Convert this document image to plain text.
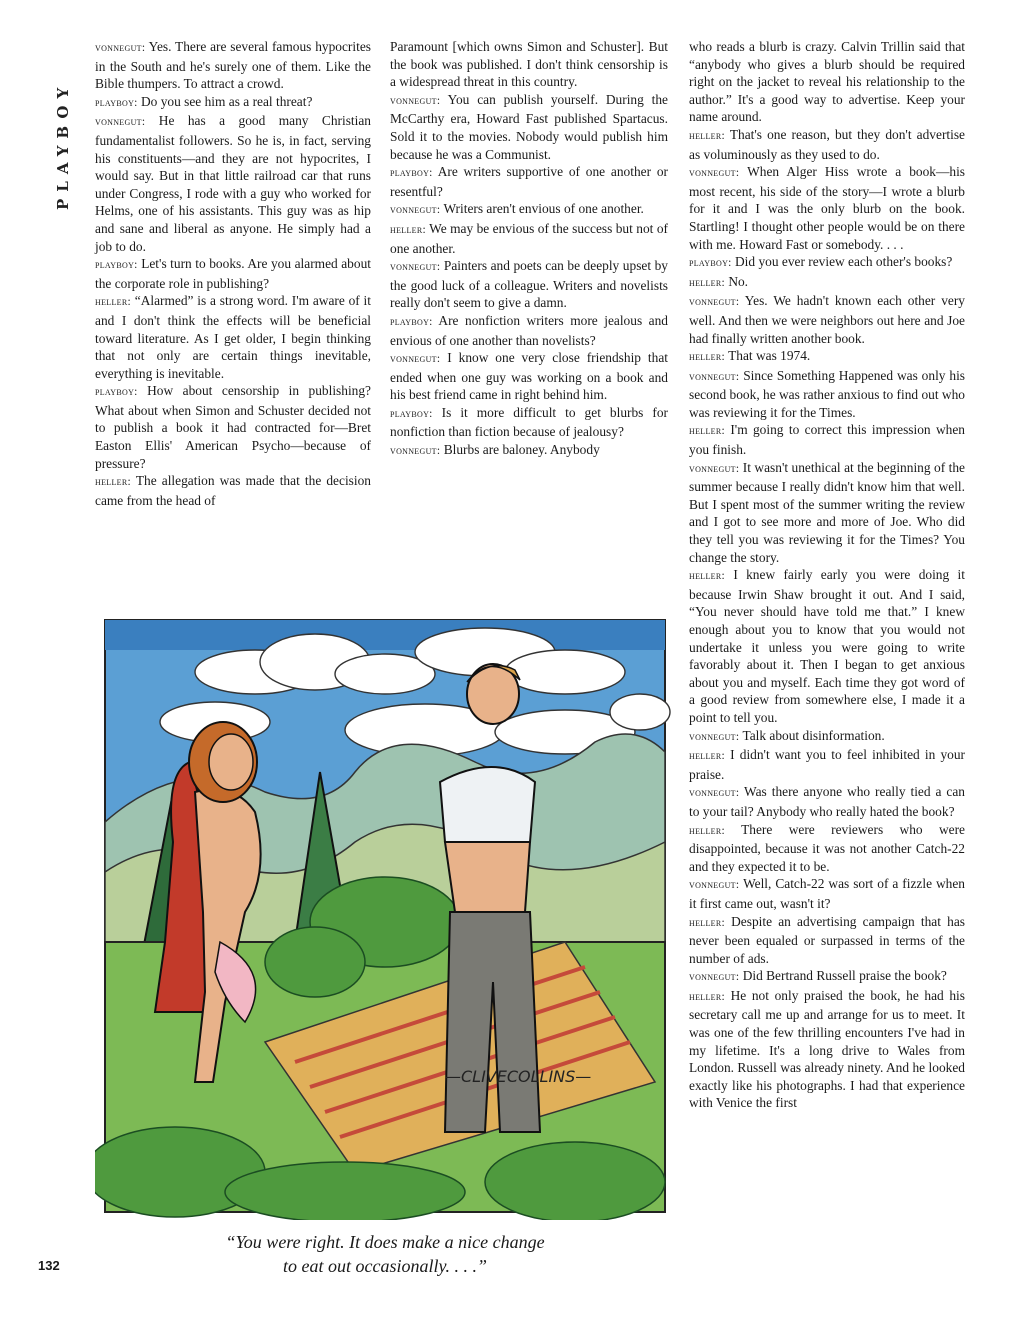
PLAYBOY

vonnegut: Yes. There are several famous hypocrites in the South and he's surely one of them. Like the Bible thumpers. To attract a crowd.

playboy: Do you see him as a real threat?

vonnegut: He has a good many Christian fundamentalist followers. So he is, in fact, serving his constituents—and they are not hypocrites, I would say. But in that little railroad car that runs under Congress, I rode with a guy who worked for Helms, one of his assistants. This guy was as hip and sane and liberal as anyone. He simply had a job to do.

playboy: Let's turn to books. Are you alarmed about the corporate role in publishing?

heller: “Alarmed” is a strong word. I'm aware of it and I don't think the effects will be beneficial toward literature. As I get older, I begin thinking that not only are certain things inevitable, everything is inevitable.

playboy: How about censorship in publishing? What about when Simon and Schuster decided not to publish a book it had contracted for—Bret Easton Ellis' American Psycho—because of pressure?

heller: The allegation was made that the decision came from the head of

Paramount [which owns Simon and Schuster]. But the book was published. I don't think censorship is a widespread threat in this country.

vonnegut: You can publish yourself. During the McCarthy era, Howard Fast published Spartacus. Sold it to the movies. Nobody would publish him because he was a Communist.

playboy: Are writers supportive of one another or resentful?

vonnegut: Writers aren't envious of one another.

heller: We may be envious of the success but not of one another.

vonnegut: Painters and poets can be deeply upset by the good luck of a colleague. Writers and novelists really don't seem to give a damn.

playboy: Are nonfiction writers more jealous and envious of one another than novelists?

vonnegut: I know one very close friendship that ended when one guy was working on a book and his best friend came in right behind him.

playboy: Is it more difficult to get blurbs for nonfiction than fiction because of jealousy?

vonnegut: Blurbs are baloney. Anybody

who reads a blurb is crazy. Calvin Trillin said that “anybody who gives a blurb should be required right on the jacket to reveal his relationship to the author.” It's a good way to advertise. Keep your name around.

heller: That's one reason, but they don't advertise as voluminously as they used to do.

vonnegut: When Alger Hiss wrote a book—his most recent, his side of the story—I wrote a blurb for it and I was the only blurb on the book. Startling! I thought other people would be on there with me. Howard Fast or somebody. . . .

playboy: Did you ever review each other's books?

heller: No.

vonnegut: Yes. We hadn't known each other very well. And then we were neighbors out here and Joe had finally written another book.

heller: That was 1974.

vonnegut: Since Something Happened was only his second book, he was rather anxious to find out who was reviewing it for the Times.

heller: I'm going to correct this impression when you finish.

vonnegut: It wasn't unethical at the beginning of the summer because I really didn't know him that well. But I spent most of the summer writing the review and I got to see more and more of Joe. Who did they tell you was reviewing it for the Times? You change the story.

heller: I knew fairly early you were doing it because Irwin Shaw brought it out. And I said, “You never should have told me that.” I knew enough about you to know that you would not undertake it unless you were going to write favorably about it. Then I began to get anxious about you and myself. Each time they got word of a good review from somewhere else, I made it a point to tell you.

vonnegut: Talk about disinformation.

heller: I didn't want you to feel inhibited in your praise.

vonnegut: Was there anyone who really tied a can to your tail? Anybody who really hated the book?

heller: There were reviewers who were disappointed, because it was not another Catch-22 and they expected it to be.

vonnegut: Well, Catch-22 was sort of a fizzle when it first came out, wasn't it?

heller: Despite an advertising campaign that has never been equaled or surpassed in terms of the number of ads.

vonnegut: Did Bertrand Russell praise the book?

heller: He not only praised the book, he had his secretary call me up and arrange for us to meet. It was one of the few thrilling encounters I've had in my lifetime. It's a long drive to Wales from London. Russell was already ninety. And he looked exactly like his photographs. I had that experience with Venice the first

—CLIVECOLLINS—
“You were right. It does make a nice change
to eat out occasionally. . . .”
132
